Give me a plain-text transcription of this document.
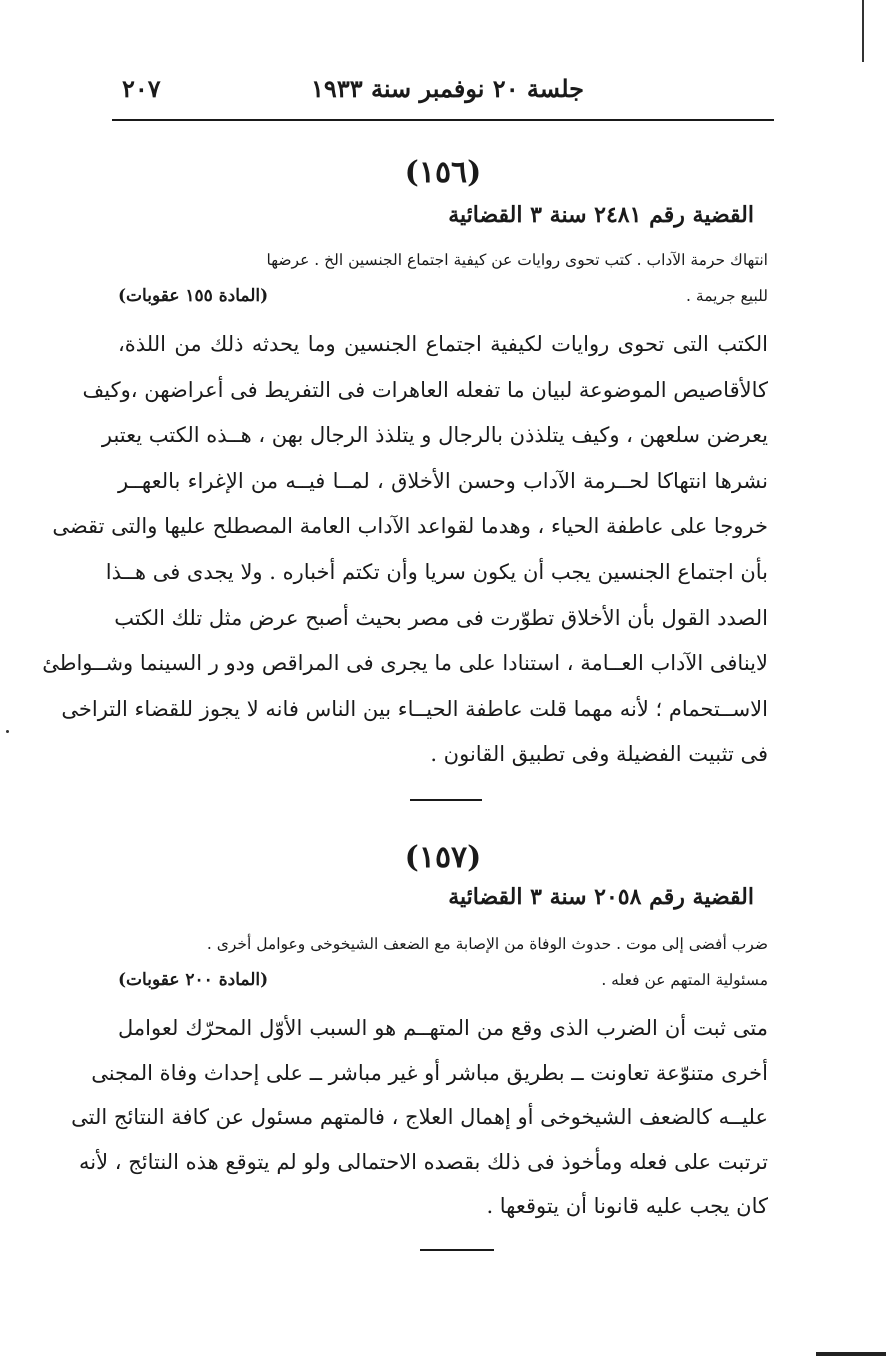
جلسة ٢٠ نوفمبر سنة ١٩٣٣
٢٠٧
(١٥٦)
القضية رقم ٢٤٨١ سنة ٣ القضائية
انتهاك حرمة الآداب . كتب تحوى روايات عن كيفية اجتماع الجنسين الخ . عرضها
للبيع جريمة .
(المادة ١٥٥ عقوبات)
الكتب التى تحوى روايات لكيفية اجتماع الجنسين وما يحدثه ذلك من اللذة،
كالأقاصيص الموضوعة لبيان ما تفعله العاهرات فى التفريط فى أعراضهن ،وكيف
يعرضن سلعهن ، وكيف يتلذذن بالرجال و يتلذذ الرجال بهن ، هــذه الكتب يعتبر
نشرها انتهاكا لحــرمة الآداب وحسن الأخلاق ، لمــا فيــه من الإغراء بالعهــر
خروجا على عاطفة الحياء ، وهدما لقواعد الآداب العامة المصطلح عليها والتى تقضى
بأن اجتماع الجنسين يجب أن يكون سريا وأن تكتم أخباره . ولا يجدى فى هــذا
الصدد القول بأن الأخلاق تطوّرت فى مصر بحيث أصبح عرض مثل تلك الكتب
لاينافى الآداب العــامة ، استنادا على ما يجرى فى المراقص ودو ر السينما وشــواطئ
الاســتحمام ؛ لأنه مهما قلت عاطفة الحيــاء بين الناس فانه لا يجوز للقضاء التراخى
فى تثبيت الفضيلة وفى تطبيق القانون .
(١٥٧)
القضية رقم ٢٠٥٨ سنة ٣ القضائية
ضرب أفضى إلى موت . حدوث الوفاة من الإصابة مع الضعف الشيخوخى وعوامل أخرى .
مسئولية المتهم عن فعله .
(المادة ٢٠٠ عقوبات)
متى ثبت أن الضرب الذى وقع من المتهــم هو السبب الأوّل المحرّك لعوامل
أخرى متنوّعة تعاونت ــ بطريق مباشر أو غير مباشر ــ على إحداث وفاة المجنى
عليــه كالضعف الشيخوخى أو إهمال العلاج ، فالمتهم مسئول عن كافة النتائج التى
ترتبت على فعله ومأخوذ فى ذلك بقصده الاحتمالى ولو لم يتوقع هذه النتائج ، لأنه
كان يجب عليه قانونا أن يتوقعها .
